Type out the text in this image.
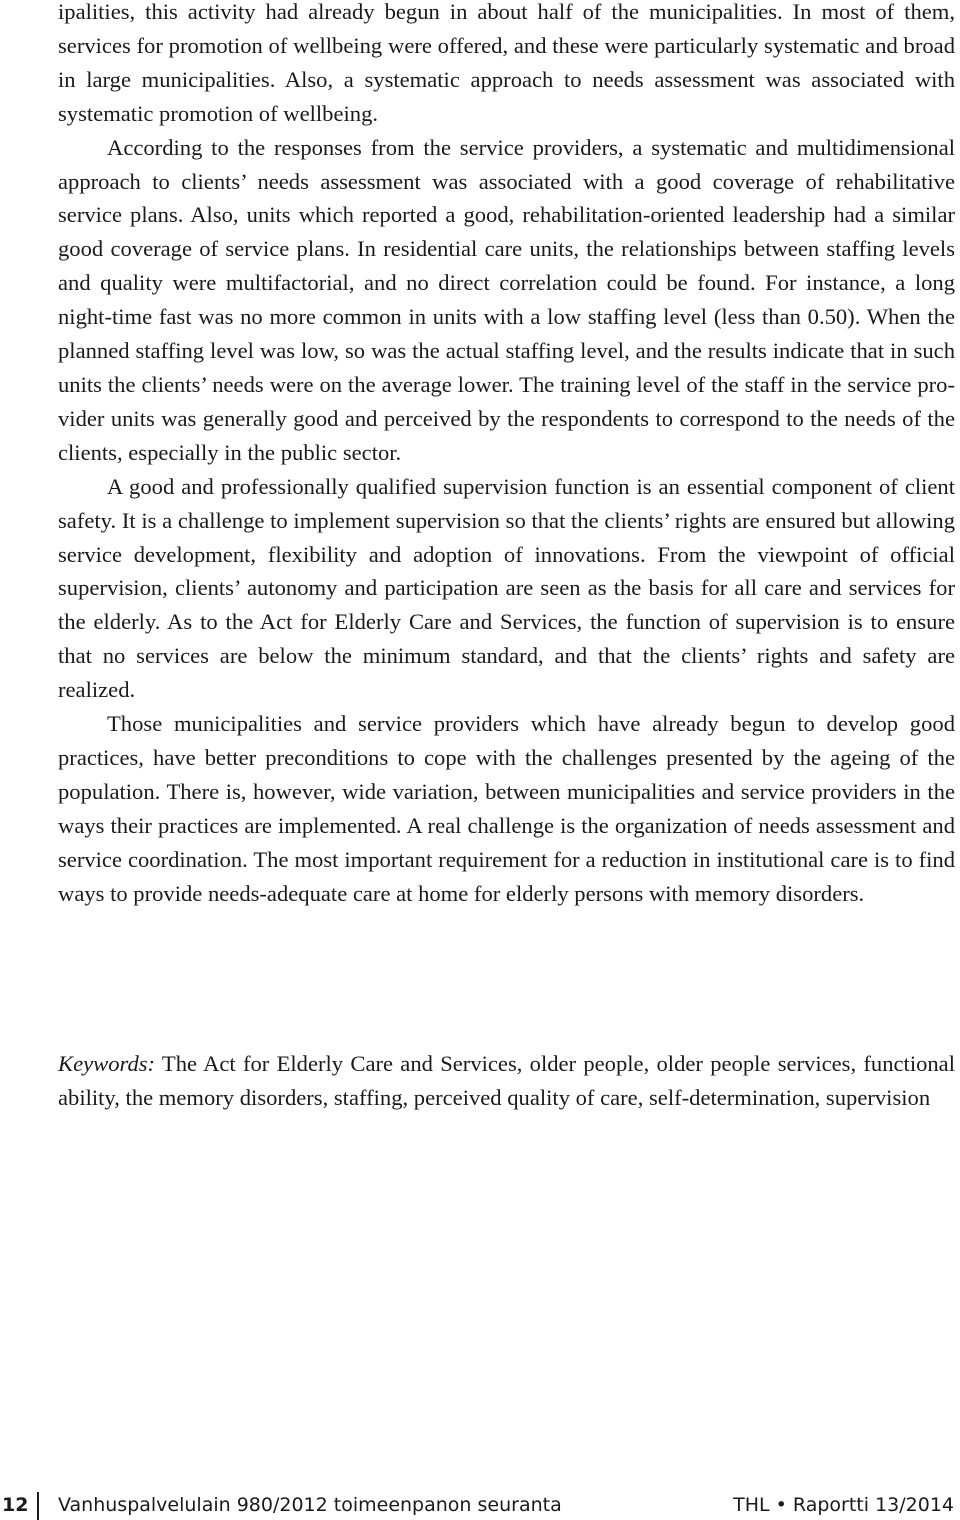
ipalities, this activity had already begun in about half of the municipalities. In most of them, services for promotion of wellbeing were offered, and these were particularly systematic and broad in large municipalities. Also, a systematic approach to needs assessment was associated with systematic promotion of wellbeing.

According to the responses from the service providers, a systematic and multidimensional approach to clients’ needs assessment was associated with a good coverage of rehabilitative service plans. Also, units which reported a good, rehabilitation-oriented leadership had a similar good coverage of service plans. In residential care units, the relationships between staffing levels and quality were multifactorial, and no direct correlation could be found. For instance, a long night-time fast was no more common in units with a low staffing level (less than 0.50). When the planned staffing level was low, so was the actual staffing level, and the results indicate that in such units the clients’ needs were on the average lower. The training level of the staff in the service provider units was generally good and perceived by the respondents to correspond to the needs of the clients, especially in the public sector.

A good and professionally qualified supervision function is an essential component of client safety. It is a challenge to implement supervision so that the clients’ rights are ensured but allowing service development, flexibility and adoption of innovations. From the viewpoint of official supervision, clients’ autonomy and participation are seen as the basis for all care and services for the elderly. As to the Act for Elderly Care and Services, the function of supervision is to ensure that no services are below the minimum standard, and that the clients’ rights and safety are realized.

Those municipalities and service providers which have already begun to develop good practices, have better preconditions to cope with the challenges presented by the ageing of the population. There is, however, wide variation, between municipalities and service providers in the ways their practices are implemented. A real challenge is the organization of needs assessment and service coordination. The most important requirement for a reduction in institutional care is to find ways to provide needs-adequate care at home for elderly persons with memory disorders.

Keywords: The Act for Elderly Care and Services, older people, older people services, functional ability, the memory disorders, staffing, perceived quality of care, self-determination, supervision

12 Vanhuspalvelulain 980/2012 toimeenpanon seuranta	THL • Raportti 13/2014
